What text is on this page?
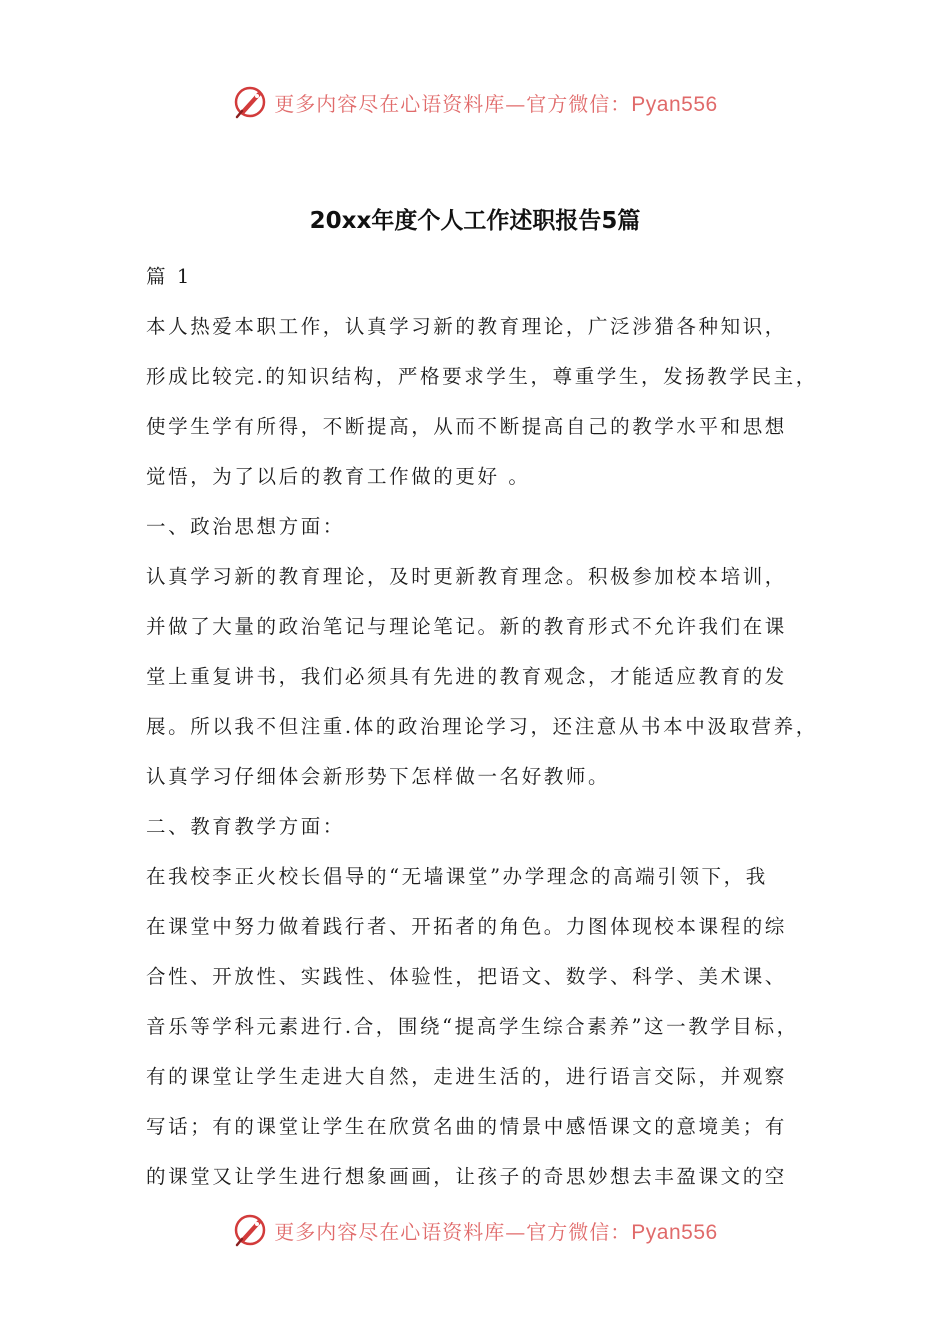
更多内容尽在心语资料库—官方微信：Pyan556
20xx年度个人工作述职报告5篇

篇 1

本人热爱本职工作，认真学习新的教育理论，广泛涉猎各种知识，

形成比较完.的知识结构，严格要求学生，尊重学生，发扬教学民主，

使学生学有所得，不断提高，从而不断提高自己的教学水平和思想

觉悟，为了以后的教育工作做的更好 。

一、政治思想方面：

认真学习新的教育理论，及时更新教育理念。积极参加校本培训，

并做了大量的政治笔记与理论笔记。新的教育形式不允许我们在课

堂上重复讲书，我们必须具有先进的教育观念，才能适应教育的发

展。所以我不但注重.体的政治理论学习，还注意从书本中汲取营养，

认真学习仔细体会新形势下怎样做一名好教师。

二、教育教学方面：

在我校李正火校长倡导的“无墙课堂”办学理念的高端引领下，我

在课堂中努力做着践行者、开拓者的角色。力图体现校本课程的综

合性、开放性、实践性、体验性，把语文、数学、科学、美术课、

音乐等学科元素进行.合，围绕“提高学生综合素养”这一教学目标，

有的课堂让学生走进大自然，走进生活的，进行语言交际，并观察

写话；有的课堂让学生在欣赏名曲的情景中感悟课文的意境美；有

的课堂又让学生进行想象画画，让孩子的奇思妙想去丰盈课文的空

更多内容尽在心语资料库—官方微信：Pyan556
